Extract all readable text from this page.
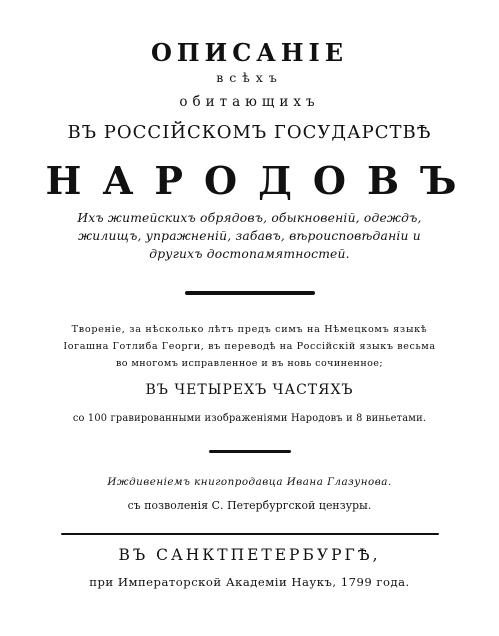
ОПИСАНІЕ
всѣхъ
обитающихъ
ВЪ РОССІЙСКОМЪ ГОСУДАРСТВѢ
НАРОДОВЪ
Ихъ житейскихъ обрядовъ, обыкновеній, одеждъ,
жилищъ, упражненій, забавъ, вѣроисповѣданіи и
другихъ достопамятностей.
Твореніе, за нѣсколько лѣтъ предъ симъ на Нѣмецкомъ языкѣ
Іогашна Готлиба Георги, въ переводѣ на Россійскій языкъ весьма
во многомъ исправленное и въ новь сочиненное;
ВЪ ЧЕТЫРЕХЪ ЧАСТЯХЪ
со 100 гравированными изображеніями Народовъ и 8 виньетами.
Иждивеніемъ книгопродавца Ивана Глазунова.
съ позволенія С. Петербургской цензуры.
ВЪ САНКТПЕТЕРБУРГѢ,
при Императорской Академіи Наукъ, 1799 года.
